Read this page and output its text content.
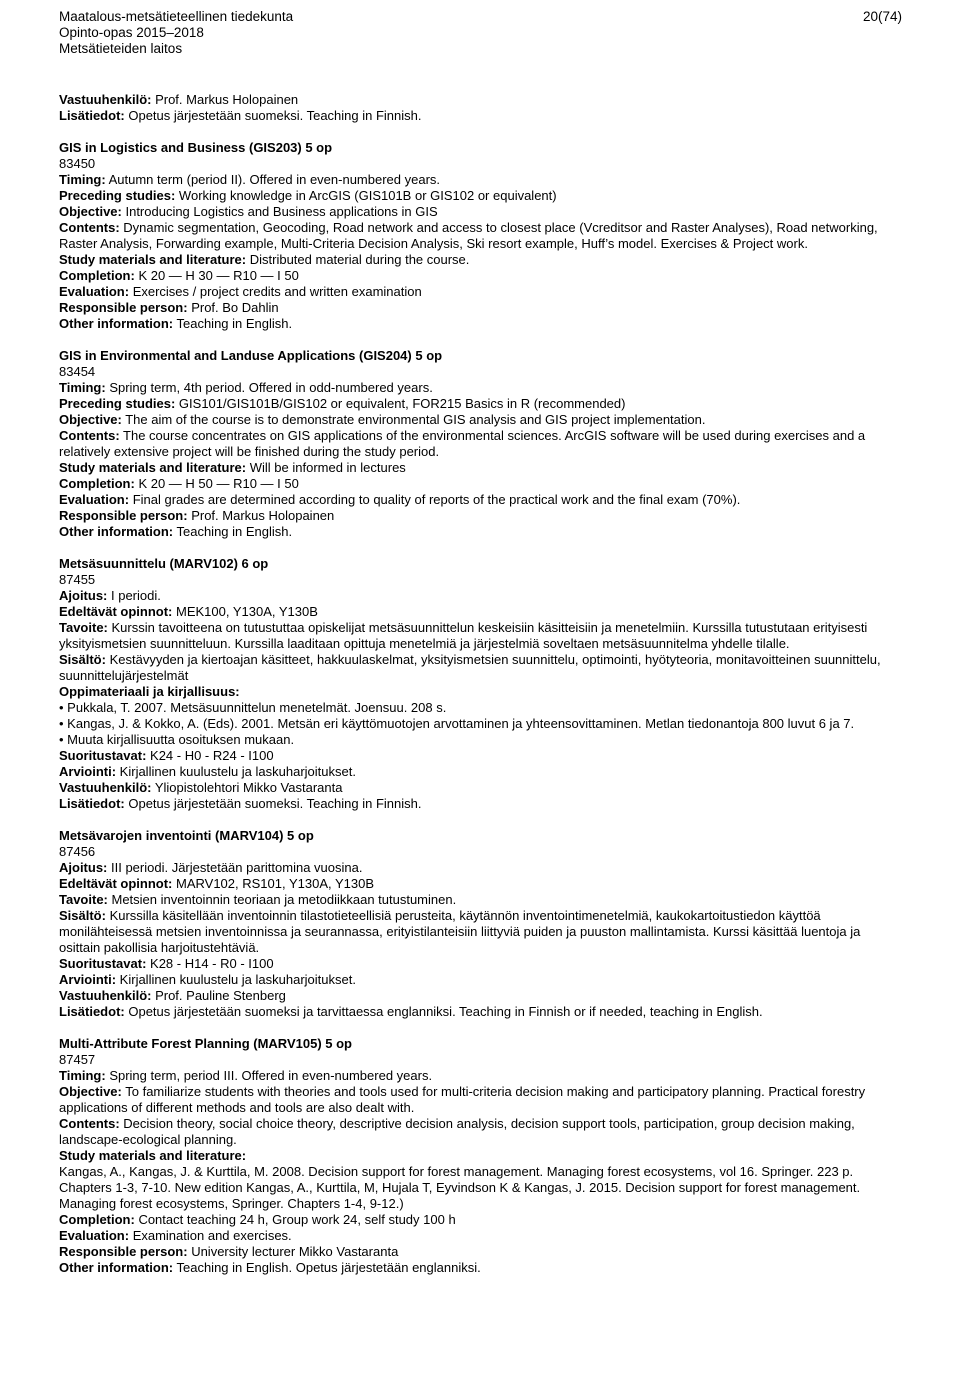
Maatalous-metsätieteellinen tiedekunta
Opinto-opas 2015–2018
Metsätieteiden laitos
20(74)
Vastuuhenkilö: Prof. Markus Holopainen
Lisätiedot: Opetus järjestetään suomeksi. Teaching in Finnish.
GIS in Logistics and Business (GIS203) 5 op
83450
Timing: Autumn term (period II). Offered in even-numbered years.
Preceding studies: Working knowledge in ArcGIS (GIS101B or GIS102 or equivalent)
Objective: Introducing Logistics and Business applications in GIS
Contents: Dynamic segmentation, Geocoding, Road network and access to closest place (Vcreditsor and Raster Analyses), Road networking, Raster Analysis, Forwarding example, Multi-Criteria Decision Analysis, Ski resort example, Huff’s model. Exercises & Project work.
Study materials and literature: Distributed material during the course.
Completion: K 20 — H 30 — R10 — I 50
Evaluation: Exercises / project credits and written examination
Responsible person: Prof. Bo Dahlin
Other information: Teaching in English.
GIS in Environmental and Landuse Applications (GIS204) 5 op
83454
Timing: Spring term, 4th period. Offered in odd-numbered years.
Preceding studies: GIS101/GIS101B/GIS102 or equivalent, FOR215 Basics in R (recommended)
Objective: The aim of the course is to demonstrate environmental GIS analysis and GIS project implementation.
Contents: The course concentrates on GIS applications of the environmental sciences. ArcGIS software will be used during exercises and a relatively extensive project will be finished during the study period.
Study materials and literature: Will be informed in lectures
Completion: K 20 — H 50 — R10 — I 50
Evaluation: Final grades are determined according to quality of reports of the practical work and the final exam (70%).
Responsible person: Prof. Markus Holopainen
Other information: Teaching in English.
Metsäsuunnittelu (MARV102) 6 op
87455
Ajoitus: I periodi.
Edeltävät opinnot: MEK100, Y130A, Y130B
Tavoite: Kurssin tavoitteena on tutustuttaa opiskelijat metsäsuunnittelun keskeisiin käsitteisiin ja menetelmiin. Kurssilla tutustutaan erityisesti yksityismetsien suunnitteluun. Kurssilla laaditaan opittuja menetelmiä ja järjestelmiä soveltaen metsäsuunnitelma yhdelle tilalle.
Sisältö: Kestävyyden ja kiertoajan käsitteet, hakkuulaskelmat, yksityismetsien suunnittelu, optimointi, hyötyteoria, monitavoitteinen suunnittelu, suunnittelujärjestelmät
Oppimateriaali ja kirjallisuus:
• Pukkala, T. 2007. Metsäsuunnittelun menetelmät. Joensuu. 208 s.
• Kangas, J. & Kokko, A. (Eds). 2001. Metsän eri käyttömuotojen arvottaminen ja yhteensovittaminen. Metlan tiedonantoja 800 luvut 6 ja 7.
• Muuta kirjallisuutta osoituksen mukaan.
Suoritustavat: K24 - H0 - R24 - I100
Arviointi: Kirjallinen kuulustelu ja laskuharjoitukset.
Vastuuhenkilö: Yliopistolehtori Mikko Vastaranta
Lisätiedot: Opetus järjestetään suomeksi. Teaching in Finnish.
Metsävarojen inventointi (MARV104) 5 op
87456
Ajoitus: III periodi. Järjestetään parittomina vuosina.
Edeltävät opinnot: MARV102, RS101, Y130A, Y130B
Tavoite: Metsien inventoinnin teoriaan ja metodiikkaan tutustuminen.
Sisältö: Kurssilla käsitellään inventoinnin tilastotieteellisiä perusteita, käytännön inventointimenetelmiä, kaukokartoitustiedon käyttöä monilähteisessä metsien inventoinnissa ja seurannassa, erityistilanteisiin liittyviä puiden ja puuston mallintamista. Kurssi käsittää luentoja ja osittain pakollisia harjoitustehtäviä.
Suoritustavat: K28 - H14 - R0 - I100
Arviointi: Kirjallinen kuulustelu ja laskuharjoitukset.
Vastuuhenkilö: Prof. Pauline Stenberg
Lisätiedot: Opetus järjestetään suomeksi ja tarvittaessa englanniksi. Teaching in Finnish or if needed, teaching in English.
Multi-Attribute Forest Planning (MARV105) 5 op
87457
Timing: Spring term, period III. Offered in even-numbered years.
Objective: To familiarize students with theories and tools used for multi-criteria decision making and participatory planning. Practical forestry applications of different methods and tools are also dealt with.
Contents: Decision theory, social choice theory, descriptive decision analysis, decision support tools, participation, group decision making, landscape-ecological planning.
Study materials and literature:
Kangas, A., Kangas, J. & Kurttila, M. 2008. Decision support for forest management. Managing forest ecosystems, vol 16. Springer. 223 p. Chapters 1-3, 7-10. New edition Kangas, A., Kurttila, M, Hujala T, Eyvindson K & Kangas, J. 2015. Decision support for forest management. Managing forest ecosystems, Springer. Chapters 1-4, 9-12.)
Completion: Contact teaching 24 h, Group work 24, self study 100 h
Evaluation: Examination and exercises.
Responsible person: University lecturer Mikko Vastaranta
Other information: Teaching in English. Opetus järjestetään englanniksi.
